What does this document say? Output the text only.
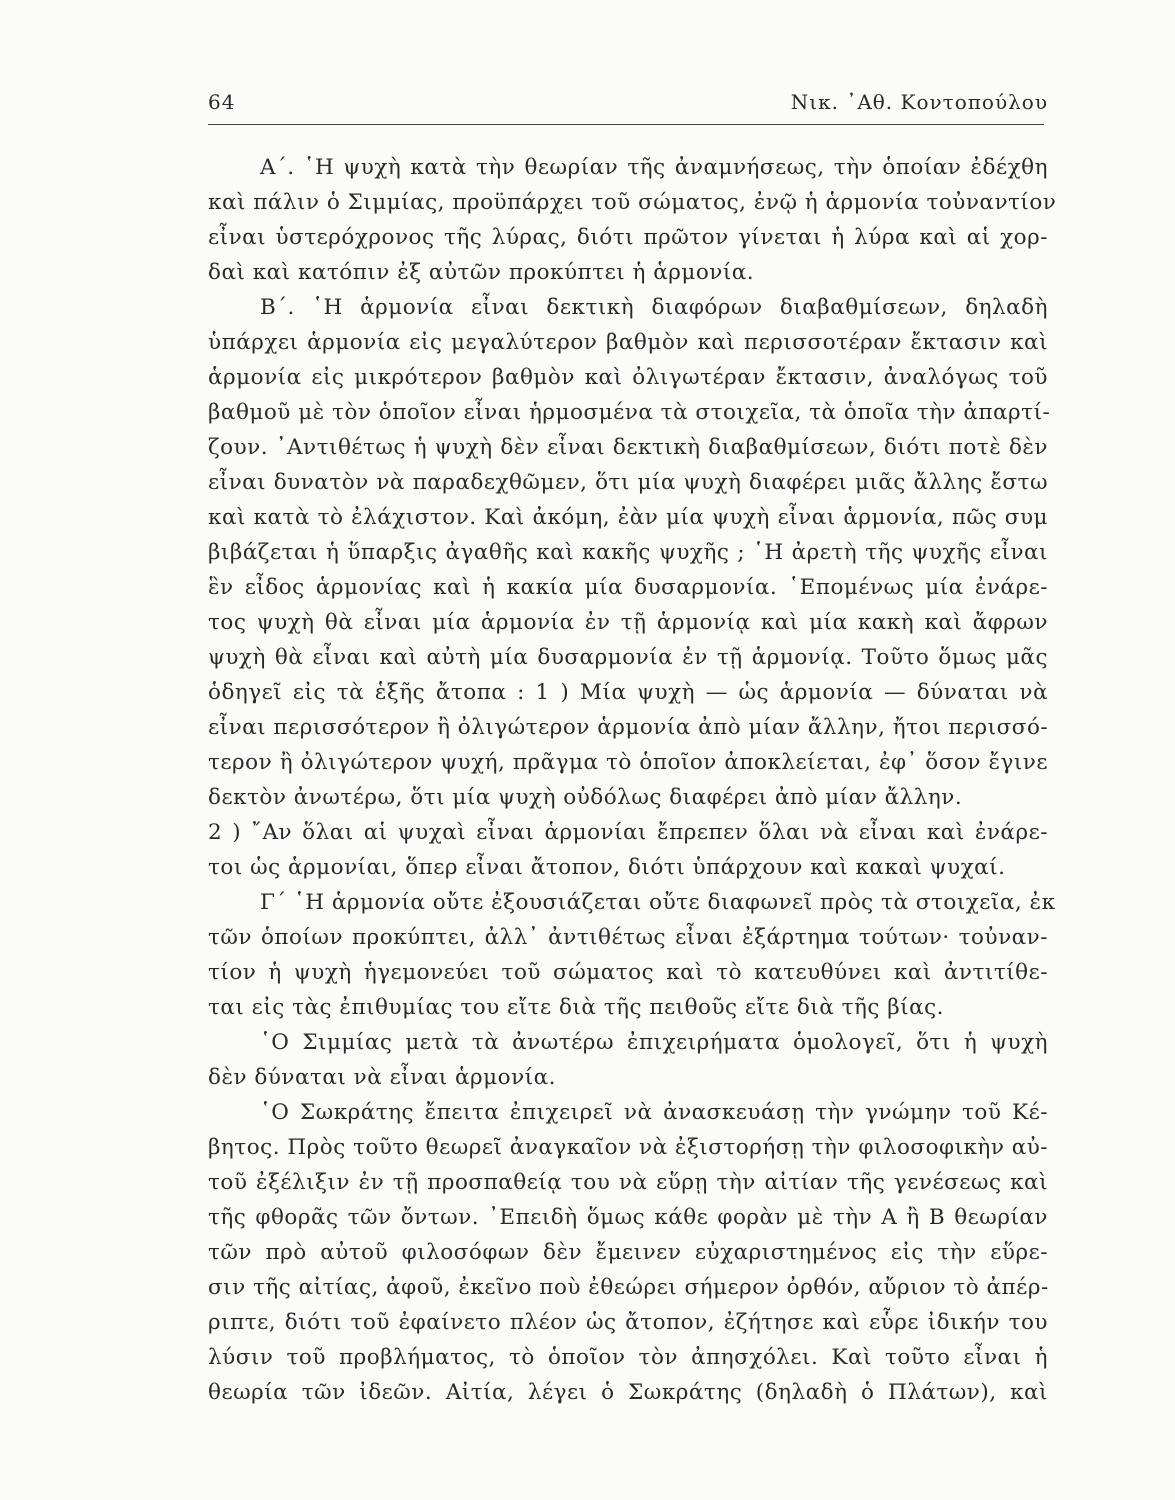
64	Νικ. ᾽Αθ. Κοντοπούλου
Α΄. ῾Η ψυχὴ κατὰ τὴν θεωρίαν τῆς ἀναμνήσεως, τὴν ὁποίαν ἐδέχθη
καὶ πάλιν ὁ Σιμμίας, προϋπάρχει τοῦ σώματος, ἐνῷ ἡ ἁρμονία τοὐναντίον
εἶναι ὑστερόχρονος τῆς λύρας, διότι πρῶτον γίνεται ἡ λύρα καὶ αἱ χορ-
δαὶ καὶ κατόπιν ἐξ αὐτῶν προκύπτει ἡ ἁρμονία.
Β΄. ῾Η ἁρμονία εἶναι δεκτικὴ διαφόρων διαβαθμίσεων, δηλαδὴ
ὑπάρχει ἁρμονία εἰς μεγαλύτερον βαθμὸν καὶ περισσοτέραν ἔκτασιν καὶ
ἁρμονία εἰς μικρότερον βαθμὸν καὶ ὀλιγωτέραν ἔκτασιν, ἀναλόγως τοῦ
βαθμοῦ μὲ τὸν ὁποῖον εἶναι ἡρμοσμένα τὰ στοιχεῖα, τὰ ὁποῖα τὴν ἀπαρτί-
ζουν. ᾽Αντιθέτως ἡ ψυχὴ δὲν εἶναι δεκτικὴ διαβαθμίσεων, διότι ποτὲ δὲν
εἶναι δυνατὸν νὰ παραδεχθῶμεν, ὅτι μία ψυχὴ διαφέρει μιᾶς ἄλλης ἔστω
καὶ κατὰ τὸ ἐλάχιστον. Καὶ ἀκόμη, ἐὰν μία ψυχὴ εἶναι ἁρμονία, πῶς συμ
βιβάζεται ἡ ὕπαρξις ἀγαθῆς καὶ κακῆς ψυχῆς ; ῾Η ἀρετὴ τῆς ψυχῆς εἶναι
ἓν εἶδος ἁρμονίας καὶ ἡ κακία μία δυσαρμονία. ῾Επομένως μία ἐνάρε-
τος ψυχὴ θὰ εἶναι μία ἁρμονία ἐν τῇ ἁρμονίᾳ καὶ μία κακὴ καὶ ἄφρων
ψυχὴ θὰ εἶναι καὶ αὐτὴ μία δυσαρμονία ἐν τῇ ἁρμονίᾳ. Τοῦτο ὅμως μᾶς
ὁδηγεῖ εἰς τὰ ἑξῆς ἄτοπα : 1 ) Μία ψυχὴ — ὡς ἁρμονία — δύναται νὰ
εἶναι περισσότερον ἢ ὀλιγώτερον ἁρμονία ἀπὸ μίαν ἄλλην, ἤτοι περισσό-
τερον ἢ ὀλιγώτερον ψυχή, πρᾶγμα τὸ ὁποῖον ἀποκλείεται, ἐφ᾽ ὅσον ἔγινε
δεκτὸν ἀνωτέρω, ὅτι μία ψυχὴ οὐδόλως διαφέρει ἀπὸ μίαν ἄλλην.
2 ) ῎Αν ὅλαι αἱ ψυχαὶ εἶναι ἁρμονίαι ἔπρεπεν ὅλαι νὰ εἶναι καὶ ἐνάρε-
τοι ὡς ἁρμονίαι, ὅπερ εἶναι ἄτοπον, διότι ὑπάρχουν καὶ κακαὶ ψυχαί.
Γ΄ ῾Η ἁρμονία οὔτε ἐξουσιάζεται οὔτε διαφωνεῖ πρὸς τὰ στοιχεῖα, ἐκ
τῶν ὁποίων προκύπτει, ἀλλ᾽ ἀντιθέτως εἶναι ἐξάρτημα τούτων· τοὐναν-
τίον ἡ ψυχὴ ἡγεμονεύει τοῦ σώματος καὶ τὸ κατευθύνει καὶ ἀντιτίθε-
ται εἰς τὰς ἐπιθυμίας του εἴτε διὰ τῆς πειθοῦς εἴτε διὰ τῆς βίας.
῾Ο Σιμμίας μετὰ τὰ ἀνωτέρω ἐπιχειρήματα ὁμολογεῖ, ὅτι ἡ ψυχὴ
δὲν δύναται νὰ εἶναι ἁρμονία.
῾Ο Σωκράτης ἔπειτα ἐπιχειρεῖ νὰ ἀνασκευάσῃ τὴν γνώμην τοῦ Κέ-
βητος. Πρὸς τοῦτο θεωρεῖ ἀναγκαῖον νὰ ἐξιστορήσῃ τὴν φιλοσοφικὴν αὐ-
τοῦ ἐξέλιξιν ἐν τῇ προσπαθείᾳ του νὰ εὕρῃ τὴν αἰτίαν τῆς γενέσεως καὶ
τῆς φθορᾶς τῶν ὄντων. ᾽Επειδὴ ὅμως κάθε φορὰν μὲ τὴν Α ἢ Β θεωρίαν
τῶν πρὸ αὐτοῦ φιλοσόφων δὲν ἔμεινεν εὐχαριστημένος εἰς τὴν εὕρε-
σιν τῆς αἰτίας, ἀφοῦ, ἐκεῖνο ποὺ ἐθεώρει σήμερον ὀρθόν, αὔριον τὸ ἀπέρ-
ριπτε, διότι τοῦ ἐφαίνετο πλέον ὡς ἄτοπον, ἐζήτησε καὶ εὗρε ἰδικήν του
λύσιν τοῦ προβλήματος, τὸ ὁποῖον τὸν ἀπησχόλει. Καὶ τοῦτο εἶναι ἡ
θεωρία τῶν ἰδεῶν. Αἰτία, λέγει ὁ Σωκράτης (δηλαδὴ ὁ Πλάτων), καὶ
